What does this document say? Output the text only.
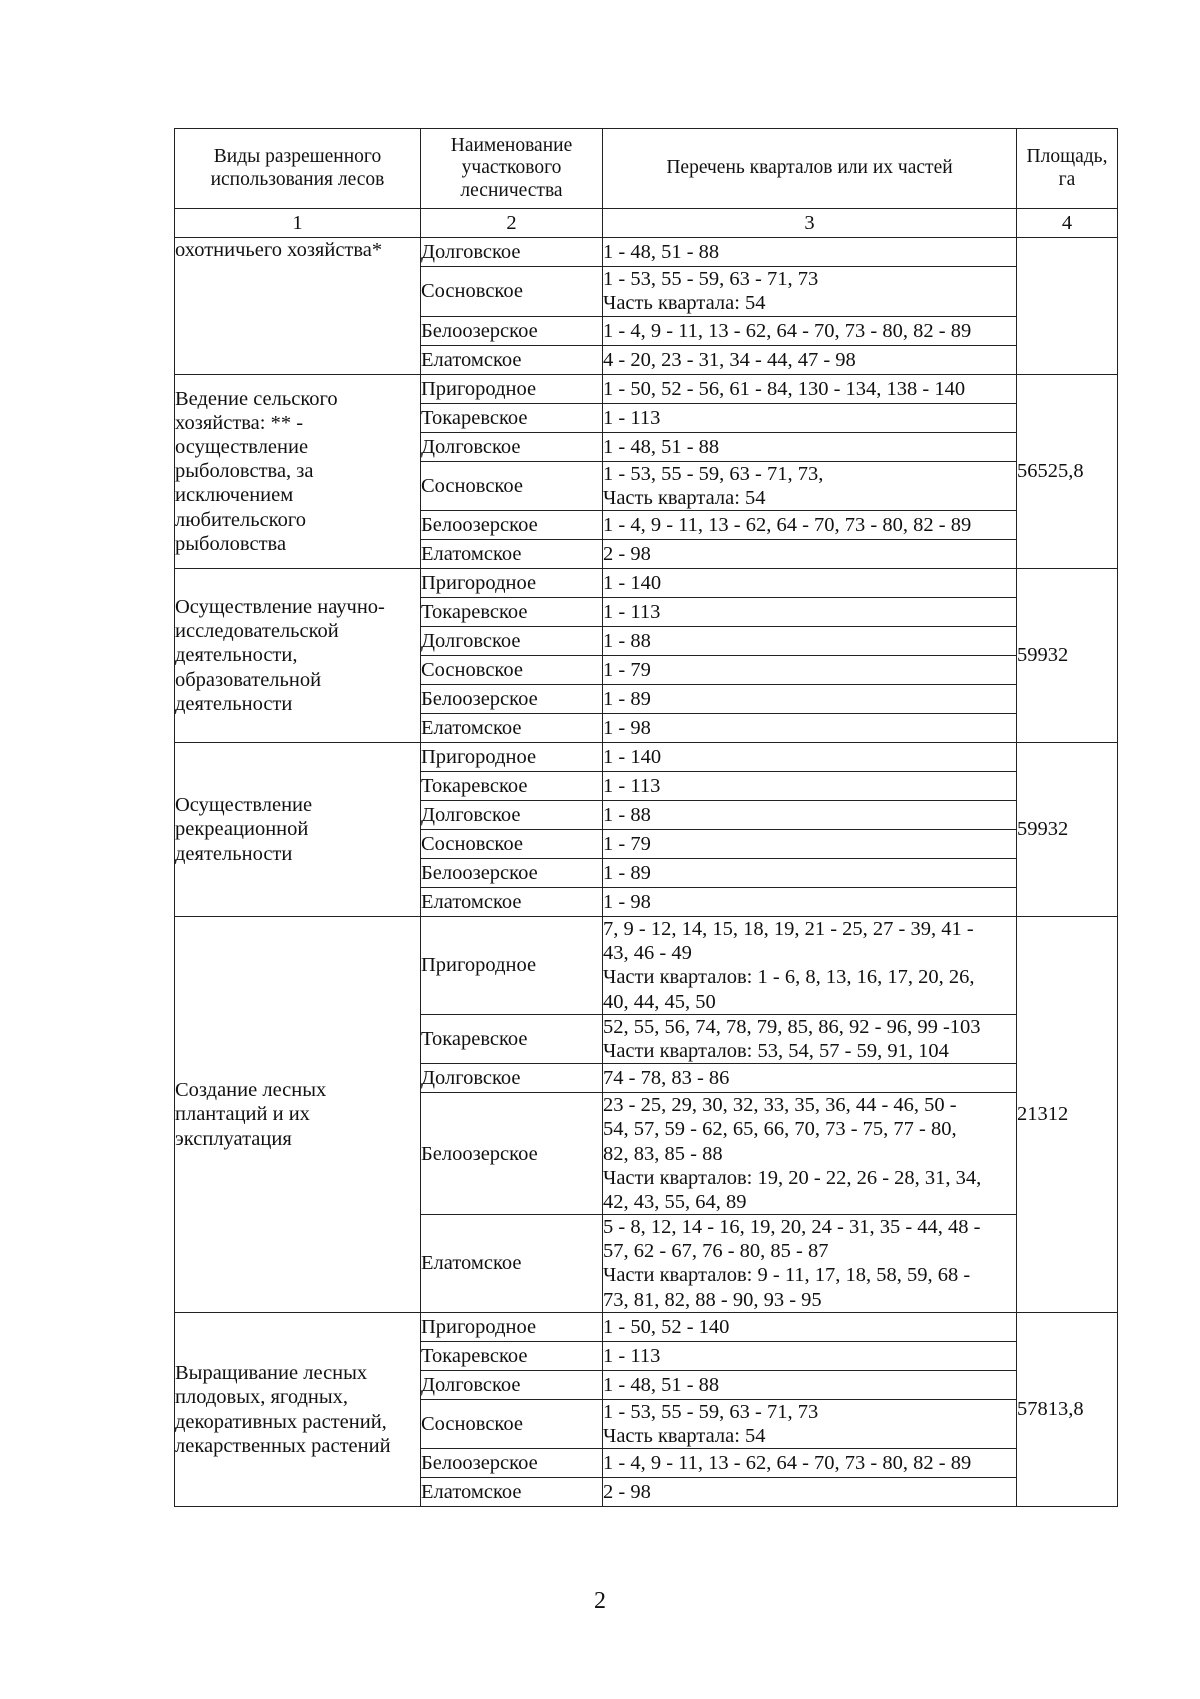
Виды разрешенного использования лесов	Наименование участкового лесничества	Перечень кварталов или их частей	Площадь, га
1	2	3	4
охотничьего хозяйства*	Долговское	1 - 48, 51 - 88	

	Сосновское	1 - 53, 55 - 59, 63 - 71, 73
Часть квартала: 54	

	Белоозерское	1 - 4, 9 - 11, 13 - 62, 64 - 70, 73 - 80, 82 - 89	

	Елатомское	4 - 20, 23 - 31, 34 - 44, 47 - 98	

Ведение сельского хозяйства: ** - осуществление рыболовства, за исключением любительского рыболовства	Пригородное	1 - 50, 52 - 56, 61 - 84, 130 - 134, 138 - 140	56525,8
	Токаревское	1 - 113	

	Долговское	1 - 48, 51 - 88	

	Сосновское	1 - 53, 55 - 59, 63 - 71, 73,
Часть квартала: 54	

	Белоозерское	1 - 4, 9 - 11, 13 - 62, 64 - 70, 73 - 80, 82 - 89	

	Елатомское	2 - 98	

Осуществление научно-исследовательской деятельности, образовательной деятельности	Пригородное	1 - 140	59932
	Токаревское	1 - 113	

	Долговское	1 - 88	

	Сосновское	1 - 79	

	Белоозерское	1 - 89	

	Елатомское	1 - 98	

Осуществление рекреационной деятельности	Пригородное	1 - 140	59932
	Токаревское	1 - 113	

	Долговское	1 - 88	

	Сосновское	1 - 79	

	Белоозерское	1 - 89	

	Елатомское	1 - 98	

Создание лесных плантаций и их эксплуатация	Пригородное	7, 9 - 12, 14, 15, 18, 19, 21 - 25, 27 - 39, 41 -
43, 46 - 49
Части кварталов: 1 - 6, 8, 13, 16, 17, 20, 26,
40, 44, 45, 50	21312
	Токаревское	52, 55, 56, 74, 78, 79, 85, 86, 92 - 96, 99 -103
Части кварталов: 53, 54, 57 - 59, 91, 104	

	Долговское	74 - 78, 83 - 86	

	Белоозерское	23 - 25, 29, 30, 32, 33, 35, 36, 44 - 46, 50 -
54, 57, 59 - 62, 65, 66, 70, 73 - 75, 77 - 80,
82, 83, 85 - 88
Части кварталов: 19, 20 - 22, 26 - 28, 31, 34,
42, 43, 55, 64, 89	

	Елатомское	5 - 8, 12, 14 - 16, 19, 20, 24 - 31, 35 - 44, 48 -
57, 62 - 67, 76 - 80, 85 - 87
Части кварталов: 9 - 11, 17, 18, 58, 59, 68 -
73, 81, 82, 88 - 90, 93 - 95	

Выращивание лесных плодовых, ягодных, декоративных растений, лекарственных растений	Пригородное	1 - 50, 52 - 140	57813,8
	Токаревское	1 - 113	

	Долговское	1 - 48, 51 - 88	

	Сосновское	1 - 53, 55 - 59, 63 - 71, 73
Часть квартала: 54	

	Белоозерское	1 - 4, 9 - 11, 13 - 62, 64 - 70, 73 - 80, 82 - 89	

	Елатомское	2 - 98	
2
